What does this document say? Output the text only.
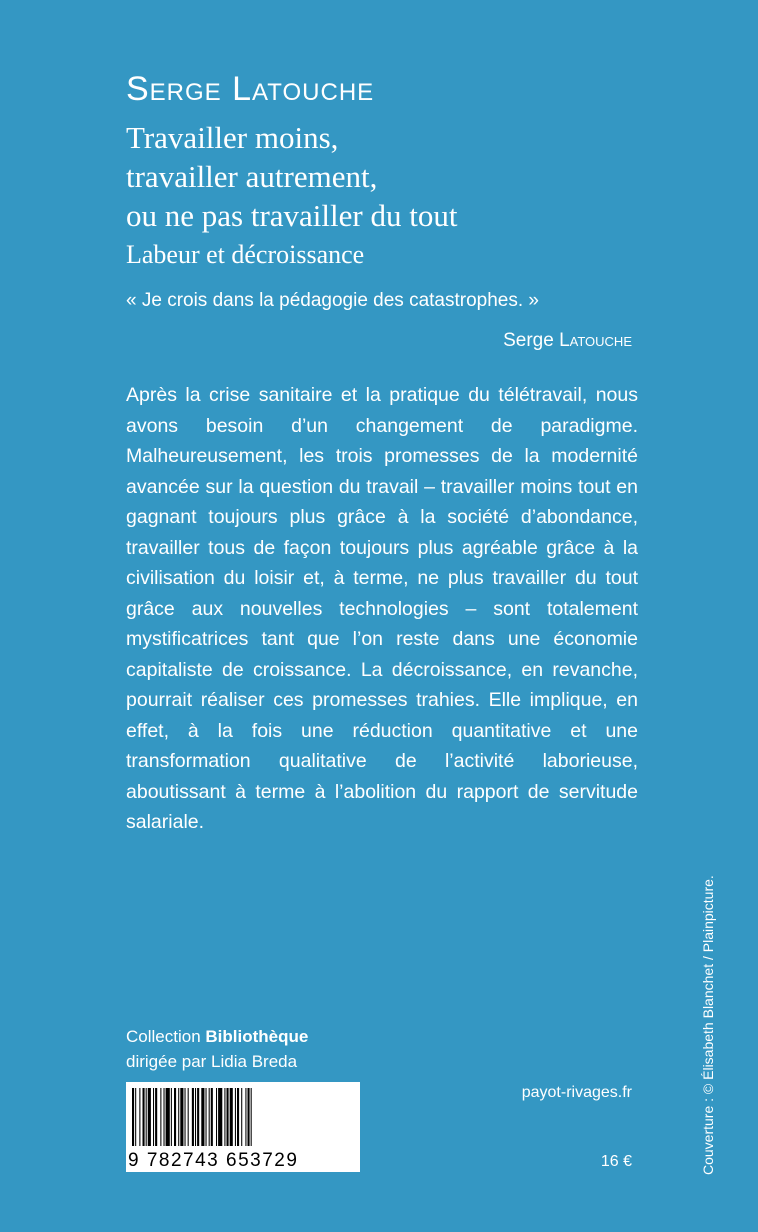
Serge Latouche
Travailler moins,
travailler autrement,
ou ne pas travailler du tout
Labeur et décroissance
« Je crois dans la pédagogie des catastrophes. »
Serge Latouche
Après la crise sanitaire et la pratique du télétravail, nous avons besoin d’un changement de paradigme. Malheureusement, les trois promesses de la modernité avancée sur la question du travail – travailler moins tout en gagnant toujours plus grâce à la société d’abondance, travailler tous de façon toujours plus agréable grâce à la civilisation du loisir et, à terme, ne plus travailler du tout grâce aux nouvelles technologies – sont totalement mystificatrices tant que l’on reste dans une économie capitaliste de croissance. La décroissance, en revanche, pourrait réaliser ces promesses trahies. Elle implique, en effet, à la fois une réduction quantitative et une transformation qualitative de l’activité laborieuse, aboutissant à terme à l’abolition du rapport de servitude salariale.
Collection Bibliothèque
dirigée par Lidia Breda
9 782743 653729
payot-rivages.fr
16 €	Couverture : © Élisabeth Blanchet / Plainpicture.
